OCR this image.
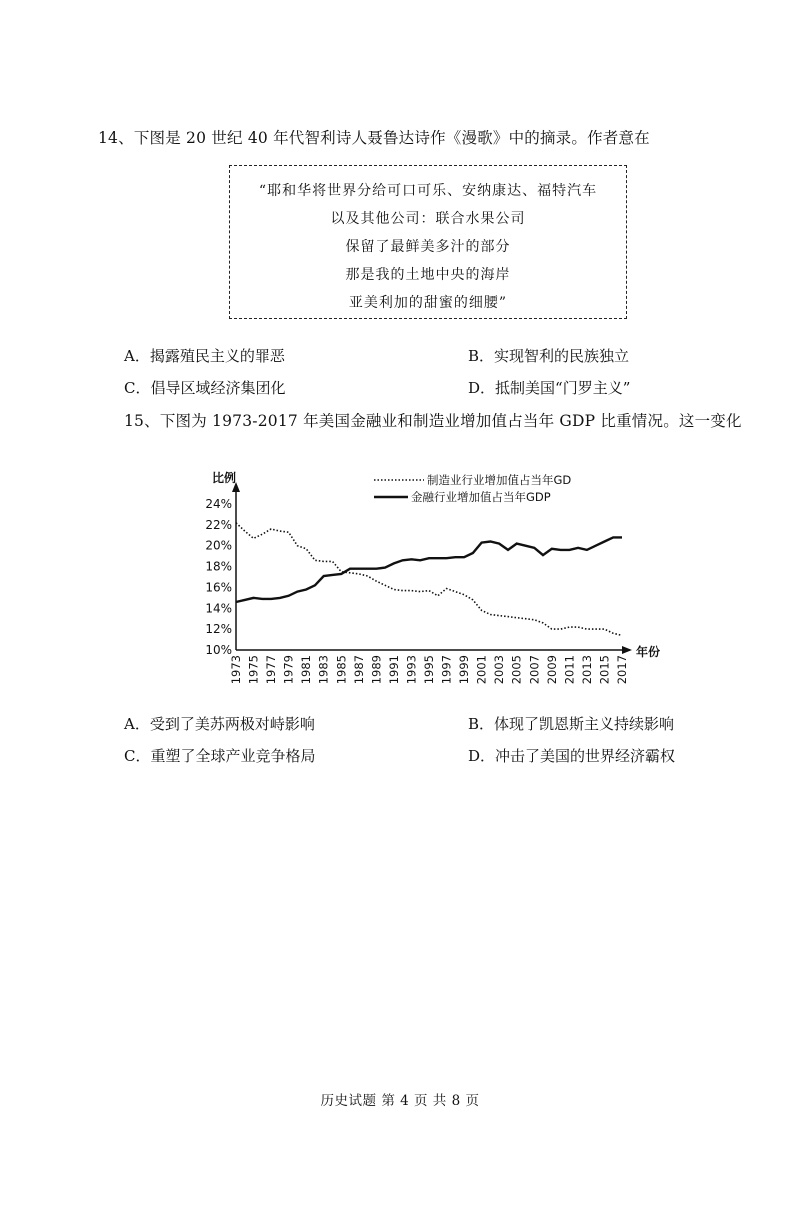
14、下图是 20 世纪 40 年代智利诗人聂鲁达诗作《漫歌》中的摘录。作者意在
“耶和华将世界分给可口可乐、安纳康达、福特汽车
以及其他公司：联合水果公司
保留了最鲜美多汁的部分
那是我的土地中央的海岸
亚美利加的甜蜜的细腰”
A．揭露殖民主义的罪恶	B．实现智利的民族独立
C．倡导区域经济集团化	D．抵制美国“门罗主义”
15、下图为 1973-2017 年美国金融业和制造业增加值占当年 GDP 比重情况。这一变化
24%
22%
20%
18%
16%
14%
12%
10%
1973 1975 1977 1979 1981 1983 1985 1987 1989 1991 1993 1995 1997 1999 2001 2003 2005 2007 2009 2011 2013 2015 2017
比例
年份
制造业行业增加值占当年GD
金融行业增加值占当年GDP
A．受到了美苏两极对峙影响	B．体现了凯恩斯主义持续影响
C．重塑了全球产业竞争格局	D．冲击了美国的世界经济霸权
历史试题 第 4 页 共 8 页
